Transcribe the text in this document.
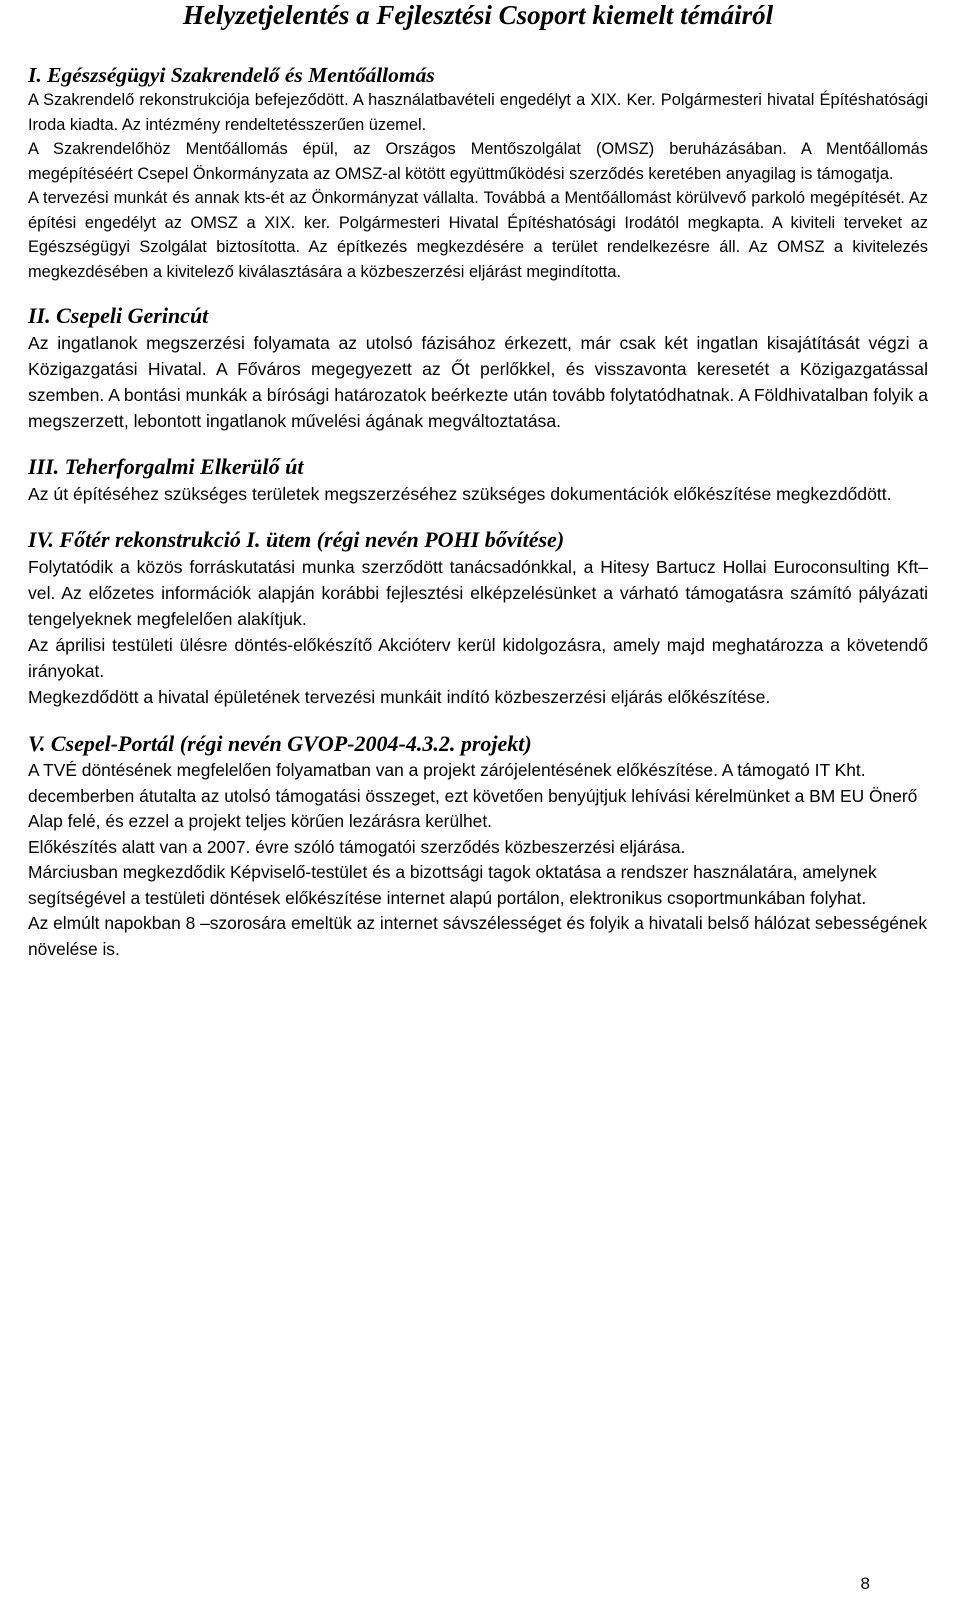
Helyzetjelentés a Fejlesztési Csoport kiemelt témáiról
I. Egészségügyi Szakrendelő és Mentőállomás

A Szakrendelő rekonstrukciója befejeződött. A használatbavételi engedélyt a XIX. Ker. Polgármesteri hivatal Építéshatósági Iroda kiadta. Az intézmény rendeltetésszerűen üzemel.

A Szakrendelőhöz Mentőállomás épül, az Országos Mentőszolgálat (OMSZ) beruházásában. A Mentőállomás megépítéséért Csepel Önkormányzata az OMSZ-al kötött együttműködési szerződés keretében anyagilag is támogatja.

A tervezési munkát és annak kts-ét az Önkormányzat vállalta. Továbbá a Mentőállomást körülvevő parkoló megépítését. Az építési engedélyt az OMSZ a XIX. ker. Polgármesteri Hivatal Építéshatósági Irodától megkapta. A kiviteli terveket az Egészségügyi Szolgálat biztosította. Az építkezés megkezdésére a terület rendelkezésre áll. Az OMSZ a kivitelezés megkezdésében a kivitelező kiválasztására a közbeszerzési eljárást megindította.

II. Csepeli Gerincút

Az ingatlanok megszerzési folyamata az utolsó fázisához érkezett, már csak két ingatlan kisajátítását végzi a Közigazgatási Hivatal. A Főváros megegyezett az Őt perlőkkel, és visszavonta keresetét a Közigazgatással szemben. A bontási munkák a bírósági határozatok beérkezte után tovább folytatódhatnak. A Földhivatalban folyik a megszerzett, lebontott ingatlanok művelési ágának megváltoztatása.

III. Teherforgalmi Elkerülő út

Az út építéséhez szükséges területek megszerzéséhez szükséges dokumentációk előkészítése megkezdődött.

IV. Főtér rekonstrukció I. ütem (régi nevén POHI bővítése)

Folytatódik a közös forráskutatási munka szerződött tanácsadónkkal, a Hitesy Bartucz Hollai Euroconsulting Kft–vel. Az előzetes információk alapján korábbi fejlesztési elképzelésünket a várható támogatásra számító pályázati tengelyeknek megfelelően alakítjuk.

Az áprilisi testületi ülésre döntés-előkészítő Akcióterv kerül kidolgozásra, amely majd meghatározza a követendő irányokat.

Megkezdődött a hivatal épületének tervezési munkáit indító közbeszerzési eljárás előkészítése.

V. Csepel-Portál (régi nevén GVOP-2004-4.3.2. projekt)

A TVÉ döntésének megfelelően folyamatban van a projekt zárójelentésének előkészítése. A támogató IT Kht. decemberben átutalta az utolsó támogatási összeget, ezt követően benyújtjuk lehívási kérelmünket a BM EU Önerő Alap felé, és ezzel a projekt teljes körűen lezárásra kerülhet.

Előkészítés alatt van a 2007. évre szóló támogatói szerződés közbeszerzési eljárása.

Márciusban megkezdődik Képviselő-testület és a bizottsági tagok oktatása a rendszer használatára, amelynek segítségével a testületi döntések előkészítése internet alapú portálon, elektronikus csoportmunkában folyhat.

Az elmúlt napokban 8 –szorosára emeltük az internet sávszélességet és folyik a hivatali belső hálózat sebességének növelése is.

8
